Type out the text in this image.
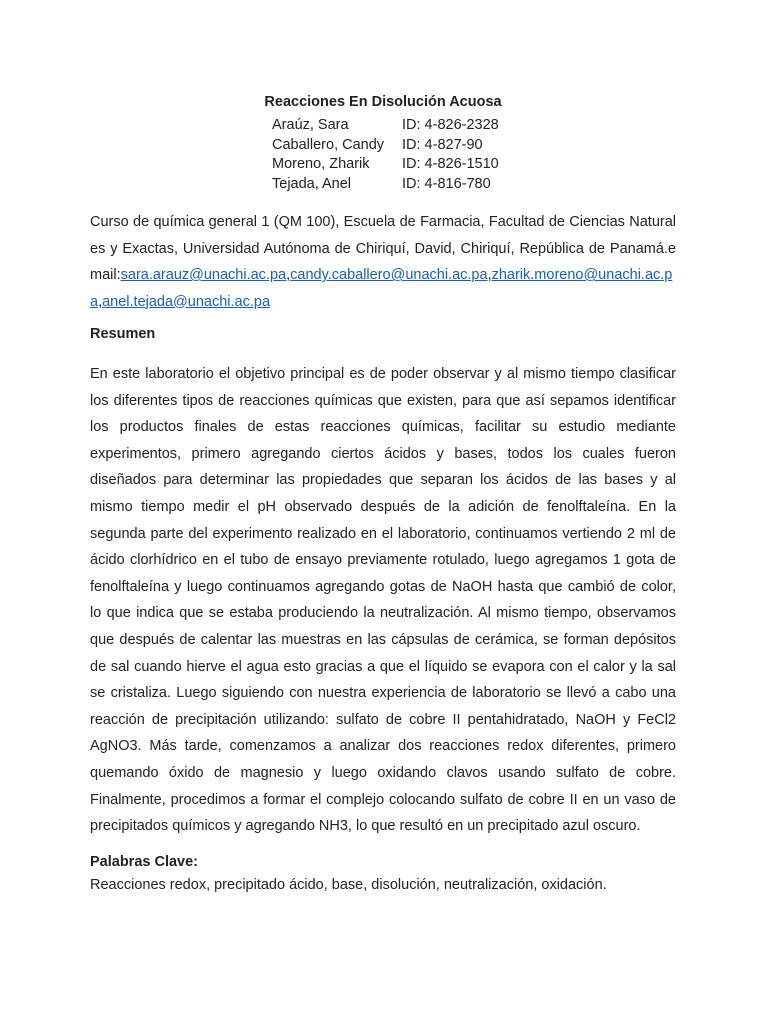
Reacciones En Disolución Acuosa
Araúz, Sara	ID: 4-826-2328
Caballero, Candy	ID: 4-827-90
Moreno, Zharik	ID: 4-826-1510
Tejada, Anel	ID: 4-816-780

Curso de química general 1 (QM 100), Escuela de Farmacia, Facultad de Ciencias Naturales y Exactas, Universidad Autónoma de Chiriquí, David, Chiriquí, República de Panamá.email:sara.arauz@unachi.ac.pa,candy.caballero@unachi.ac.pa,zharik.moreno@unachi.ac.pa,anel.tejada@unachi.ac.pa

Resumen

En este laboratorio el objetivo principal es de poder observar y al mismo tiempo clasificar los diferentes tipos de reacciones químicas que existen, para que así sepamos identificar los productos finales de estas reacciones químicas, facilitar su estudio mediante experimentos, primero agregando ciertos ácidos y bases, todos los cuales fueron diseñados para determinar las propiedades que separan los ácidos de las bases y al mismo tiempo medir el pH observado después de la adición de fenolftaleína. En la segunda parte del experimento realizado en el laboratorio, continuamos vertiendo 2 ml de ácido clorhídrico en el tubo de ensayo previamente rotulado, luego agregamos 1 gota de fenolftaleína y luego continuamos agregando gotas de NaOH hasta que cambió de color, lo que indica que se estaba produciendo la neutralización. Al mismo tiempo, observamos que después de calentar las muestras en las cápsulas de cerámica, se forman depósitos de sal cuando hierve el agua esto gracias a que el líquido se evapora con el calor y la sal se cristaliza. Luego siguiendo con nuestra experiencia de laboratorio se llevó a cabo una reacción de precipitación utilizando: sulfato de cobre II pentahidratado, NaOH y FeCl2 AgNO3. Más tarde, comenzamos a analizar dos reacciones redox diferentes, primero quemando óxido de magnesio y luego oxidando clavos usando sulfato de cobre. Finalmente, procedimos a formar el complejo colocando sulfato de cobre II en un vaso de precipitados químicos y agregando NH3, lo que resultó en un precipitado azul oscuro.

Palabras Clave:
Reacciones redox, precipitado ácido, base, disolución, neutralización, oxidación.
